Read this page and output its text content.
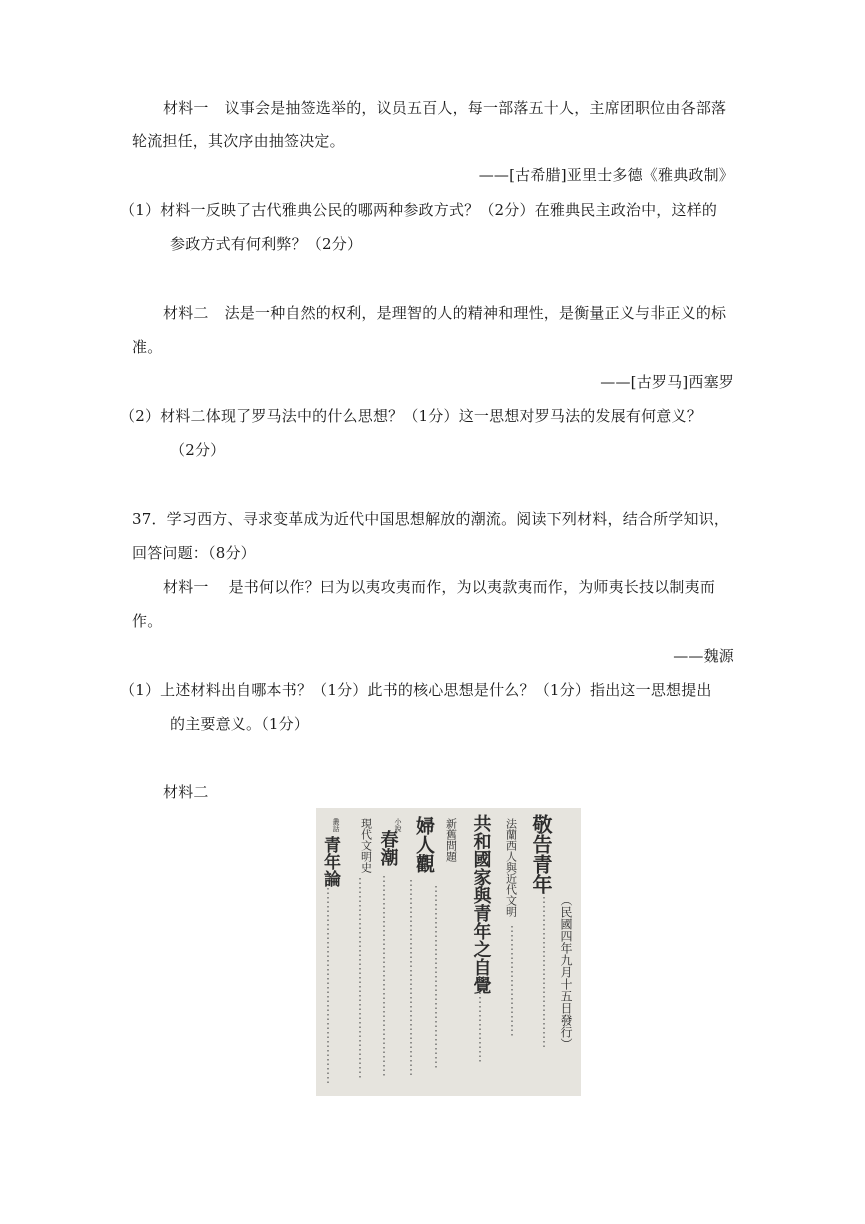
材料一 议事会是抽签选举的，议员五百人，每一部落五十人，主席团职位由各部落
轮流担任，其次序由抽签决定。
——[古希腊]亚里士多德《雅典政制》
（1）材料一反映了古代雅典公民的哪两种参政方式？（2分）在雅典民主政治中，这样的
参政方式有何利弊？（2分）
材料二 法是一种自然的权利，是理智的人的精神和理性，是衡量正义与非正义的标
准。
——[古罗马]西塞罗
（2）材料二体现了罗马法中的什么思想？（1分）这一思想对罗马法的发展有何意义？
（2分）
37．学习西方、寻求变革成为近代中国思想解放的潮流。阅读下列材料，结合所学知识，
回答问题：（8分）
材料一 是书何以作？曰为以夷攻夷而作，为以夷款夷而作，为师夷长技以制夷而
作。
——魏源
（1）上述材料出自哪本书？（1分）此书的核心思想是什么？（1分）指出这一思想提出
的主要意义。（1分）
材料二
（民國四年九月十五日發行）
敬告青年
法蘭西人與近代文明
共和國家與青年之自覺
新舊問題
婦人觀
小說
春潮
現代文明史
叢話
青年論
